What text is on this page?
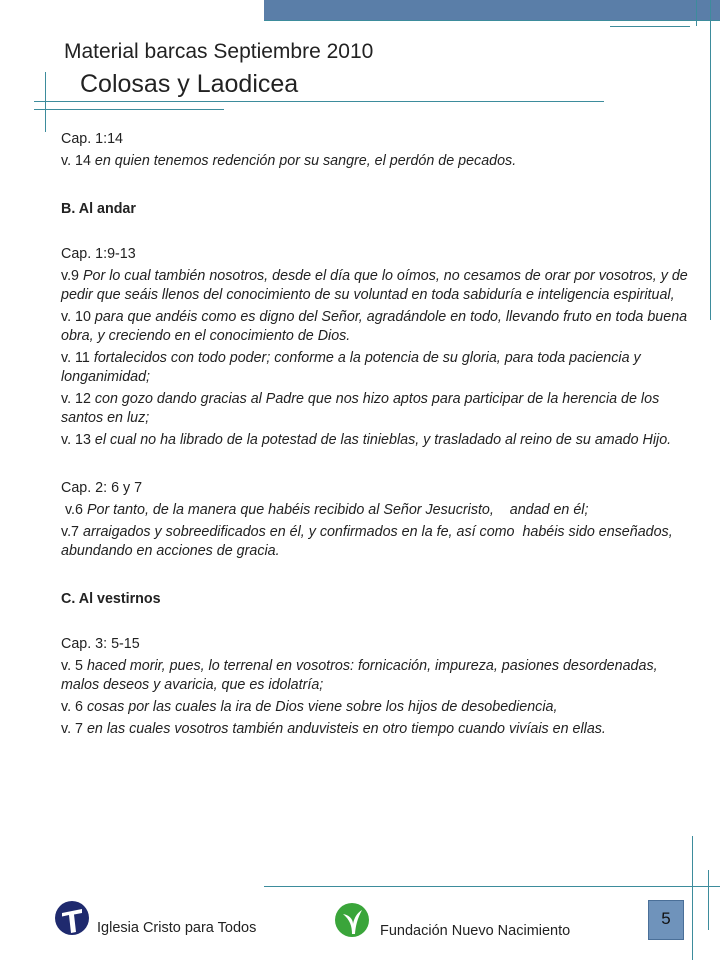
Material barcas Septiembre 2010
Colosas y Laodicea

Cap. 1:14

v. 14 en quien tenemos redención por su sangre, el perdón de pecados.

B. Al andar

Cap. 1:9-13

v.9 Por lo cual también nosotros, desde el día que lo oímos, no cesamos de orar por vosotros, y de pedir que seáis llenos del conocimiento de su voluntad en toda sabiduría e inteligencia espiritual,

v. 10 para que andéis como es digno del Señor, agradándole en todo, llevando fruto en toda buena obra, y creciendo en el conocimiento de Dios.

v. 11 fortalecidos con todo poder; conforme a la potencia de su gloria, para toda paciencia y longanimidad;

v. 12 con gozo dando gracias al Padre que nos hizo aptos para participar de la herencia de los santos en luz;

v. 13 el cual no ha librado de la potestad de las tinieblas, y trasladado al reino de su amado Hijo.

Cap. 2: 6 y 7

v.6 Por tanto, de la manera que habéis recibido al Señor Jesucristo,    andad en él;

v.7 arraigados y sobreedificados en él, y confirmados en la fe, así como  habéis sido enseñados, abundando en acciones de gracia.

C. Al vestirnos

Cap. 3: 5-15

v. 5 haced morir, pues, lo terrenal en vosotros: fornicación, impureza, pasiones desordenadas, malos deseos y avaricia, que es idolatría;

v. 6 cosas por las cuales la ira de Dios viene sobre los hijos de desobediencia,

v. 7 en las cuales vosotros también anduvisteis en otro tiempo cuando vivíais en ellas.

Iglesia Cristo para Todos	Fundación Nuevo Nacimiento
5
